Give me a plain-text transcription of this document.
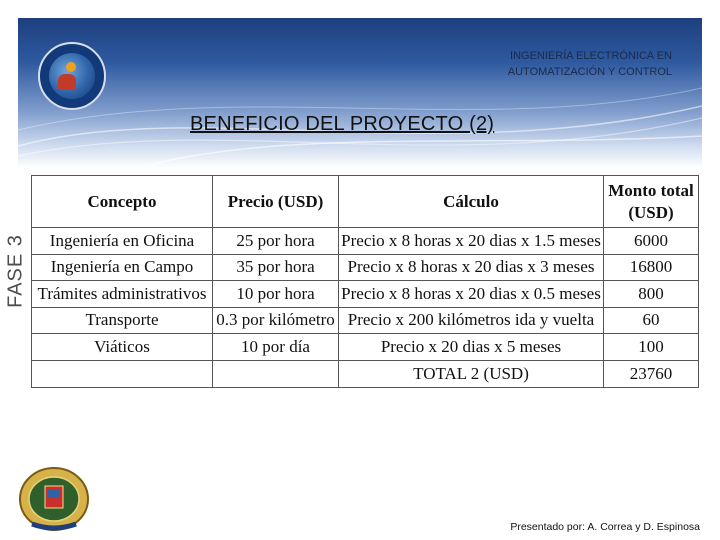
INGENIERÍA ELECTRÓNICA EN
AUTOMATIZACIÓN Y CONTROL
BENEFICIO DEL PROYECTO (2)
FASE 3
Concepto	Precio (USD)	Cálculo	Monto total (USD)
Ingeniería en Oficina	25 por hora	Precio x 8 horas x 20 dias x 1.5 meses	6000
Ingeniería en Campo	35 por hora	Precio x 8 horas x 20 dias x 3 meses	16800
Trámites administrativos	10 por hora	Precio x 8 horas x 20 dias x 0.5 meses	800
Transporte	0.3 por kilómetro	Precio x 200 kilómetros ida y vuelta	60
Viáticos	10 por día	Precio x 20 dias x 5 meses	100
		TOTAL 2 (USD)	23760
Presentado por: A. Correa y D. Espinosa
